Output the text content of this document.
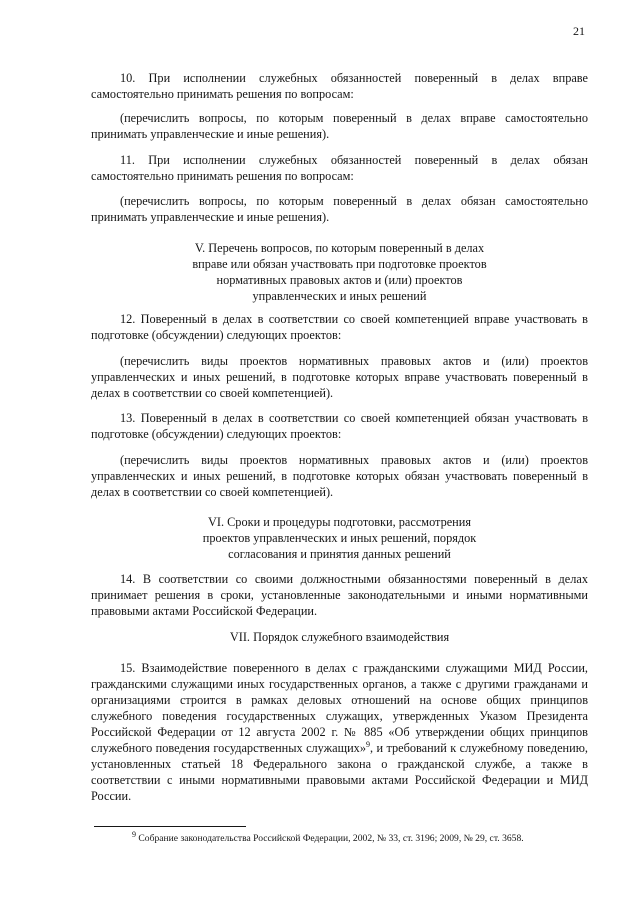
21
10. При исполнении служебных обязанностей поверенный в делах вправе самостоятельно принимать решения по вопросам:
(перечислить вопросы, по которым поверенный в делах вправе самостоятельно принимать управленческие и иные решения).
11. При исполнении служебных обязанностей поверенный в делах обязан самостоятельно принимать решения по вопросам:
(перечислить вопросы, по которым поверенный в делах обязан самостоятельно принимать управленческие и иные решения).
V. Перечень вопросов, по которым поверенный в делах
вправе или обязан участвовать при подготовке проектов
нормативных правовых актов и (или) проектов
управленческих и иных решений
12. Поверенный в делах в соответствии со своей компетенцией вправе участвовать в подготовке (обсуждении) следующих проектов:
(перечислить виды проектов нормативных правовых актов и (или) проектов управленческих и иных решений, в подготовке которых вправе участвовать поверенный в делах в соответствии со своей компетенцией).
13. Поверенный в делах в соответствии со своей компетенцией обязан участвовать в подготовке (обсуждении) следующих проектов:
(перечислить виды проектов нормативных правовых актов и (или) проектов управленческих и иных решений, в подготовке которых обязан участвовать поверенный в делах в соответствии со своей компетенцией).
VI. Сроки и процедуры подготовки, рассмотрения
проектов управленческих и иных решений, порядок
согласования и принятия данных решений
14. В соответствии со своими должностными обязанностями поверенный в делах принимает решения в сроки, установленные законодательными и иными нормативными правовыми актами Российской Федерации.
VII. Порядок служебного взаимодействия
15. Взаимодействие поверенного в делах с гражданскими служащими МИД России, гражданскими служащими иных государственных органов, а также с другими гражданами и организациями строится в рамках деловых отношений на основе общих принципов служебного поведения государственных служащих, утвержденных Указом Президента Российской Федерации от 12 августа 2002 г. № 885 «Об утверждении общих принципов служебного поведения государственных служащих»$^9$, и требований к служебному поведению, установленных статьей 18 Федерального закона о гражданской службе, а также в соответствии с иными нормативными правовыми актами Российской Федерации и МИД России.
$^9$ Собрание законодательства Российской Федерации, 2002, № 33, ст. 3196; 2009, № 29, ст. 3658.
